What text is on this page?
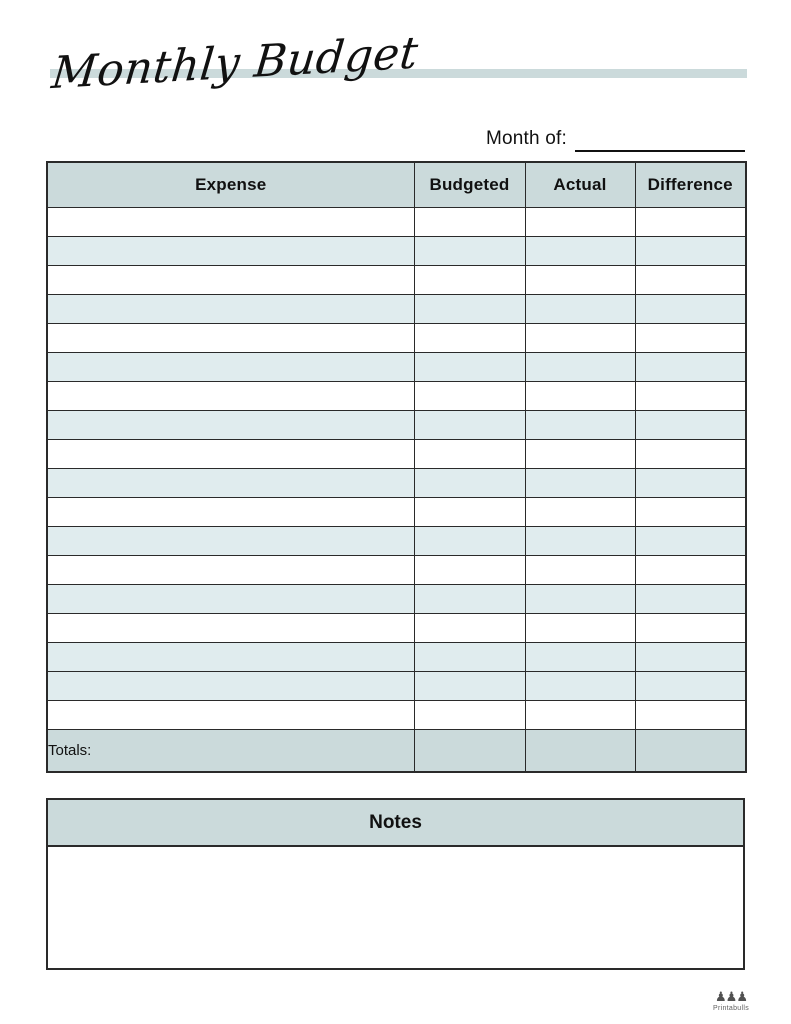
Monthly Budget
Month of:
Expense	Budgeted	Actual	Difference

Totals:			
Notes
♟♟♟
Printabulls
